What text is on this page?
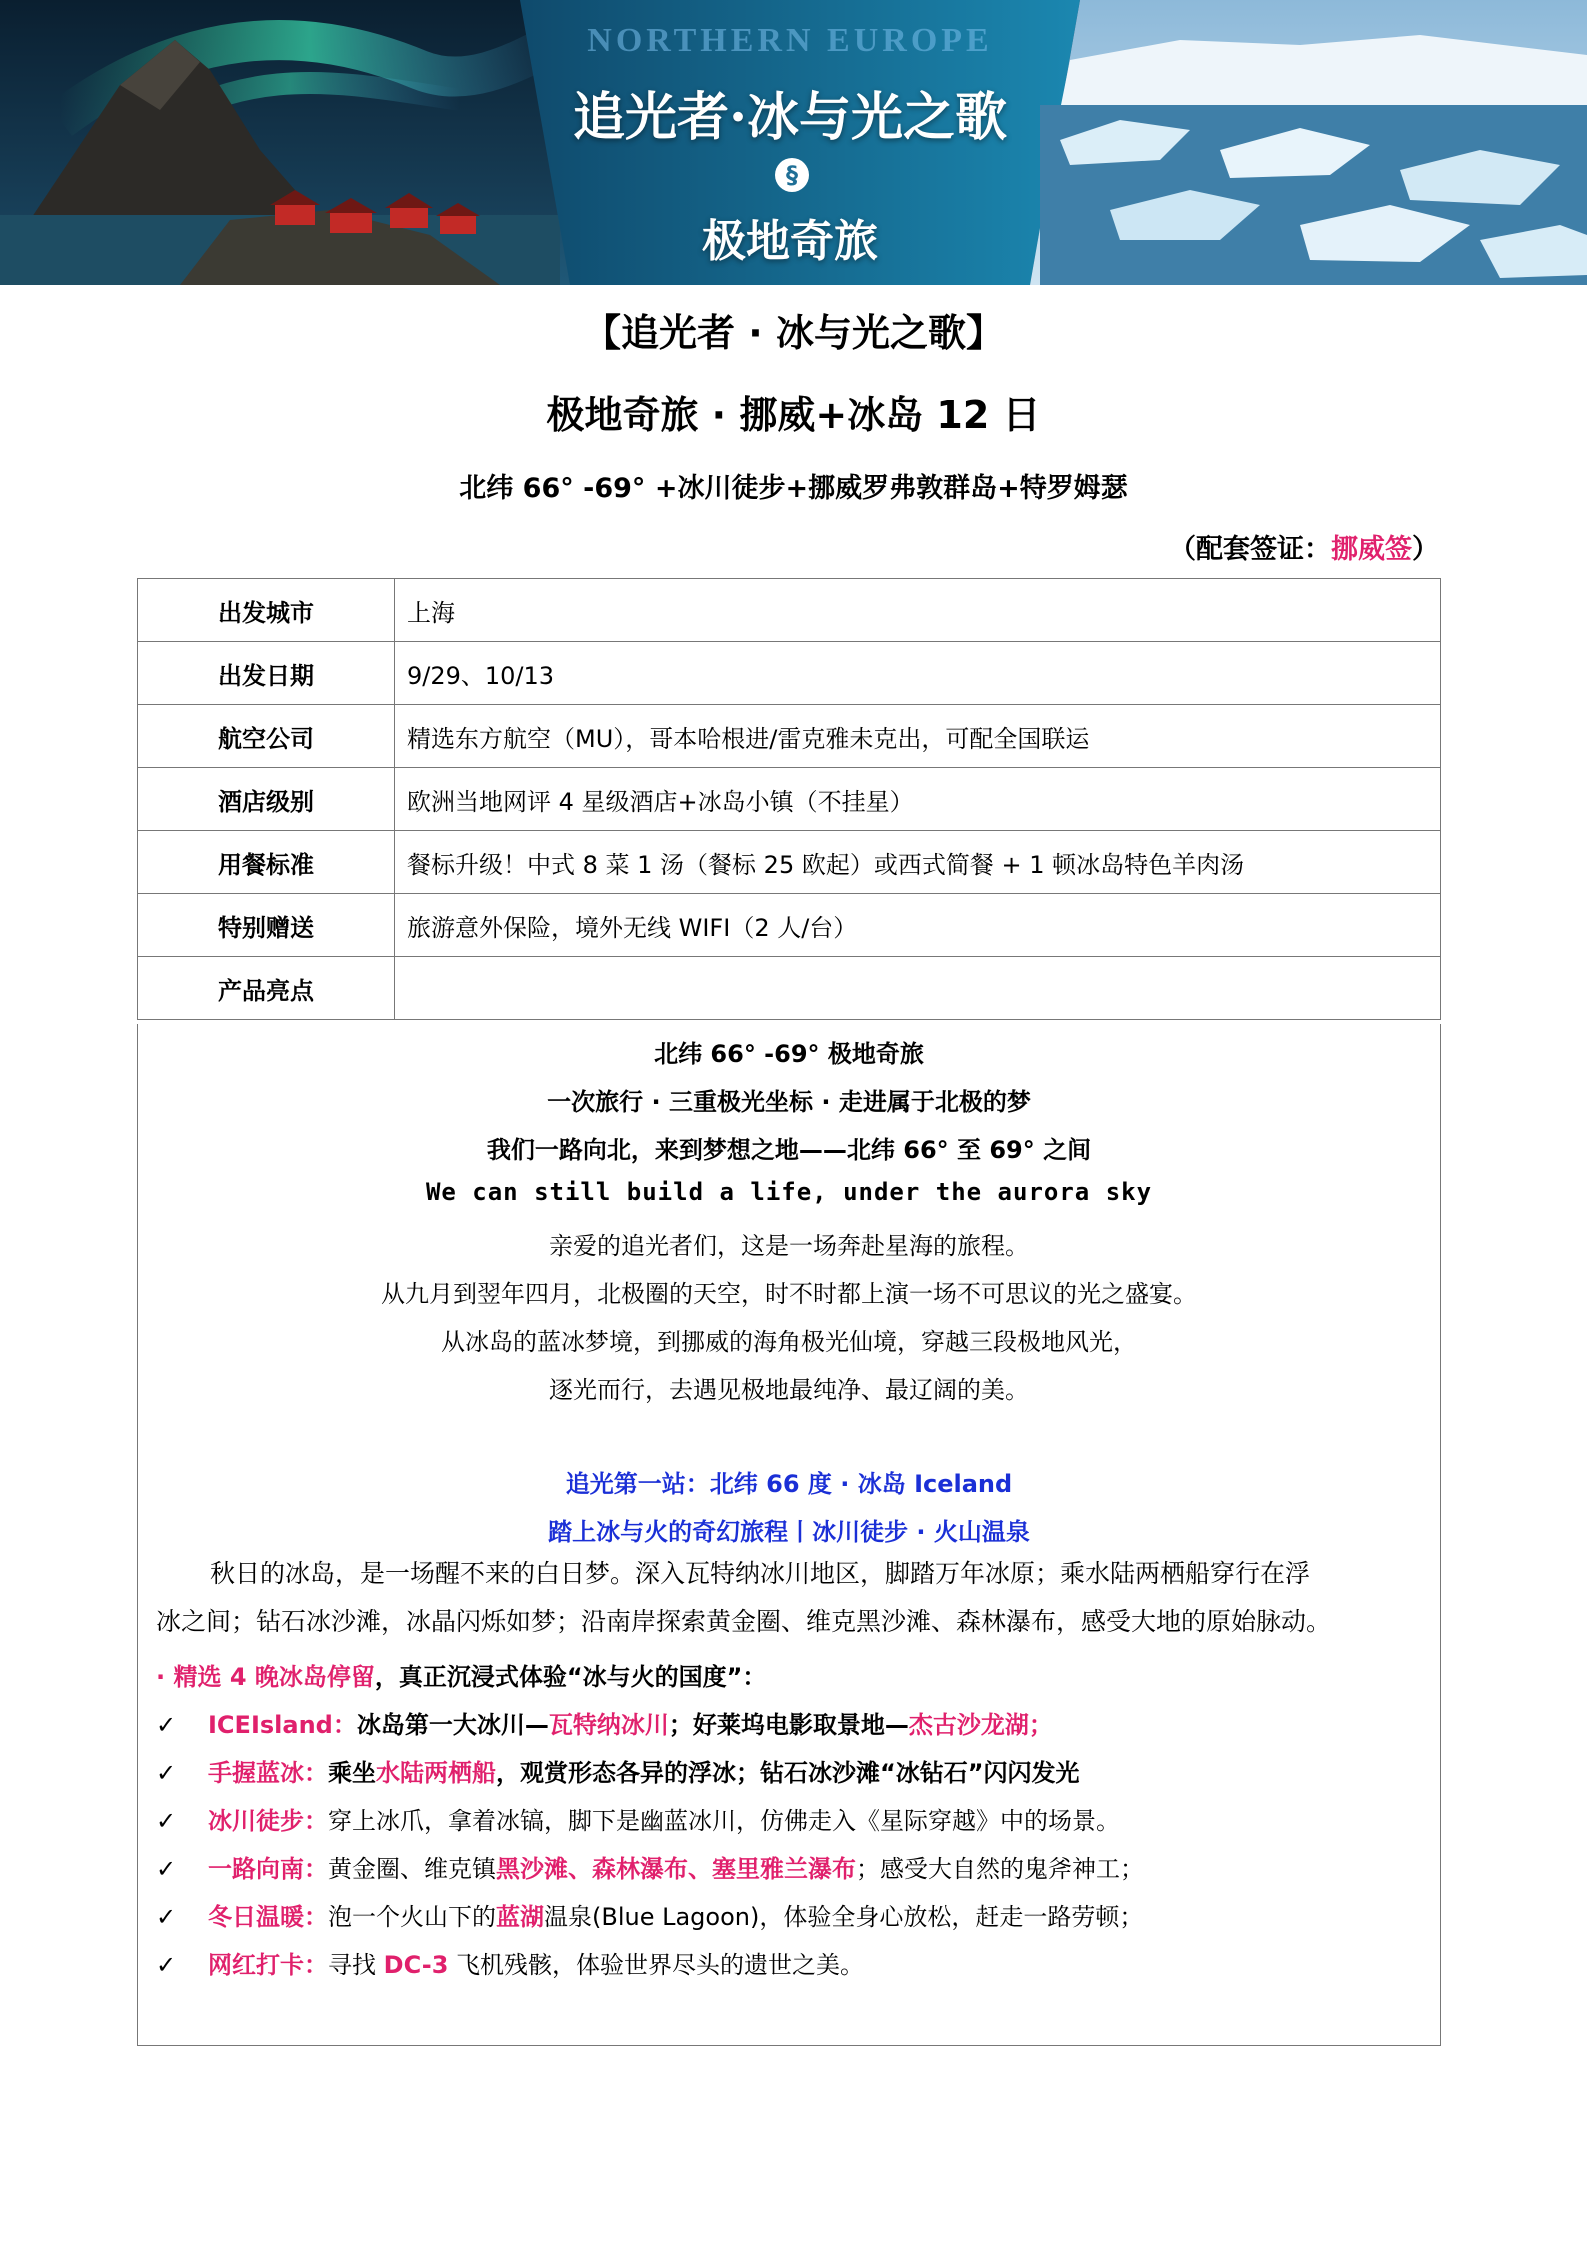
NORTHERN EUROPE
追光者·冰与光之歌
§
极地奇旅
【追光者 · 冰与光之歌】
极地奇旅 · 挪威+冰岛 12 日
北纬 66° -69° +冰川徒步+挪威罗弗敦群岛+特罗姆瑟
（配套签证：挪威签）
出发城市	上海
出发日期	9/29、10/13
航空公司	精选东方航空（MU），哥本哈根进/雷克雅未克出，可配全国联运
酒店级别	欧洲当地网评 4 星级酒店+冰岛小镇（不挂星）
用餐标准	餐标升级！中式 8 菜 1 汤（餐标 25 欧起）或西式简餐 + 1 顿冰岛特色羊肉汤
特别赠送	旅游意外保险，境外无线 WIFI（2 人/台）
产品亮点	
北纬 66° -69° 极地奇旅
一次旅行 · 三重极光坐标 · 走进属于北极的梦
我们一路向北，来到梦想之地——北纬 66° 至 69° 之间
We can still build a life, under the aurora sky
亲爱的追光者们，这是一场奔赴星海的旅程。
从九月到翌年四月，北极圈的天空，时不时都上演一场不可思议的光之盛宴。
从冰岛的蓝冰梦境，到挪威的海角极光仙境，穿越三段极地风光，
逐光而行，去遇见极地最纯净、最辽阔的美。
追光第一站：北纬 66 度 · 冰岛 Iceland
踏上冰与火的奇幻旅程丨冰川徒步 · 火山温泉
秋日的冰岛，是一场醒不来的白日梦。深入瓦特纳冰川地区，脚踏万年冰原；乘水陆两栖船穿行在浮
冰之间；钻石冰沙滩，冰晶闪烁如梦；沿南岸探索黄金圈、维克黑沙滩、森林瀑布，感受大地的原始脉动。
· 精选 4 晚冰岛停留，真正沉浸式体验“冰与火的国度”：
✓ ICEIsland：冰岛第一大冰川—瓦特纳冰川；好莱坞电影取景地—杰古沙龙湖；
✓ 手握蓝冰：乘坐水陆两栖船，观赏形态各异的浮冰；钻石冰沙滩“冰钻石”闪闪发光
✓ 冰川徒步：穿上冰爪，拿着冰镐，脚下是幽蓝冰川，仿佛走入《星际穿越》中的场景。
✓ 一路向南：黄金圈、维克镇黑沙滩、森林瀑布、塞里雅兰瀑布；感受大自然的鬼斧神工；
✓ 冬日温暖：泡一个火山下的蓝湖温泉(Blue Lagoon)，体验全身心放松，赶走一路劳顿；
✓ 网红打卡：寻找 DC-3 飞机残骸，体验世界尽头的遗世之美。
